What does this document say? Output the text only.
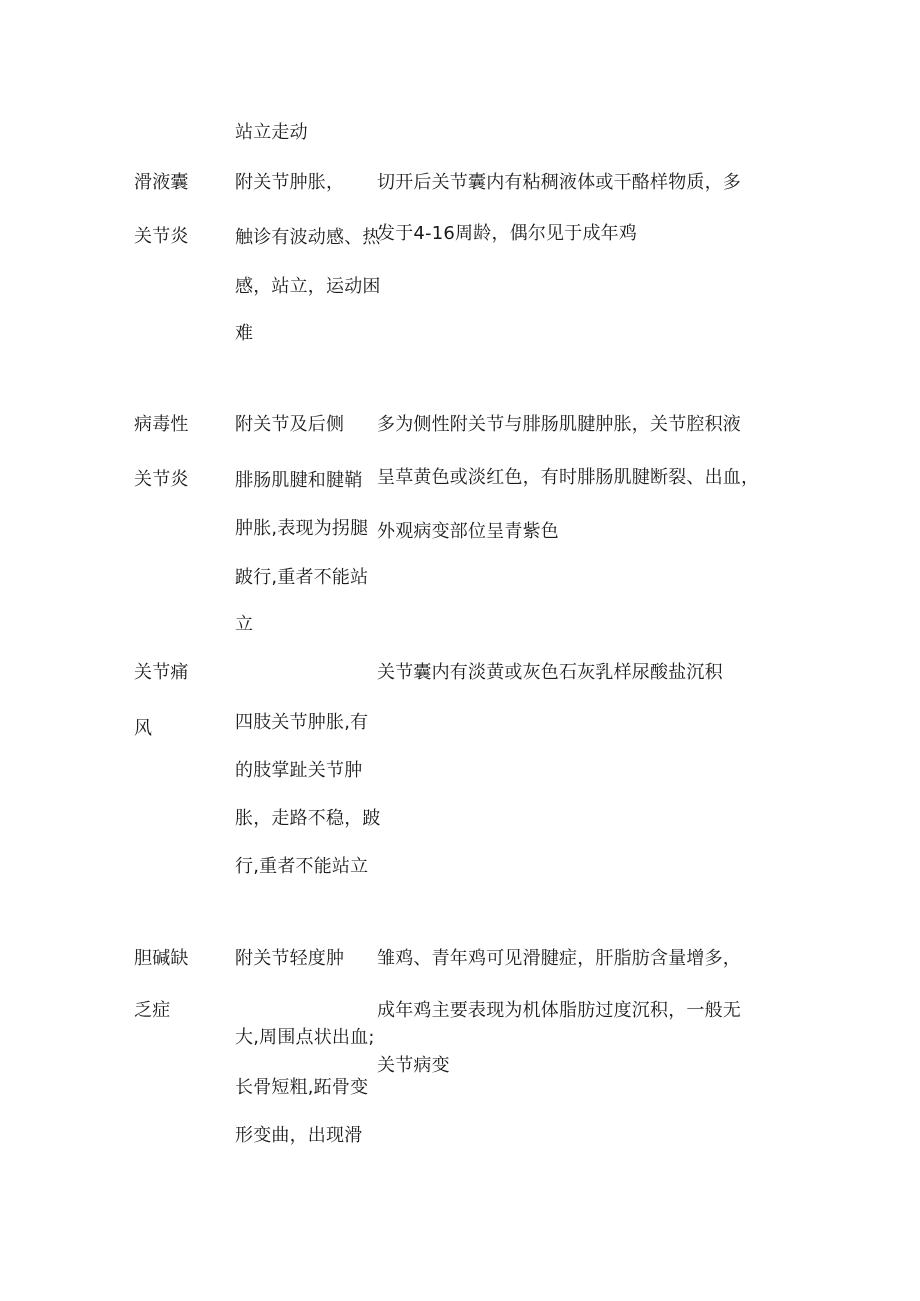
站立走动
滑液囊
关节炎
附关节肿胀，
触诊有波动感、热
感，站立，运动困
难
切开后关节囊内有粘稠液体或干酪样物质，多
发于4-16周龄，偶尔见于成年鸡
病毒性
关节炎
附关节及后侧
腓肠肌腱和腱鞘
肿胀,表现为拐腿
跛行,重者不能站
立
多为侧性附关节与腓肠肌腱肿胀，关节腔积液
呈草黄色或淡红色，有时腓肠肌腱断裂、出血，
外观病变部位呈青紫色
关节痛
风	四肢关节肿胀,有
的肢掌趾关节肿
胀，走路不稳，跛
行,重者不能站立
关节囊内有淡黄或灰色石灰乳样尿酸盐沉积
胆碱缺
乏症
附关节轻度肿
大,周围点状出血;
长骨短粗,跖骨变
形变曲，出现滑
雏鸡、青年鸡可见滑腱症，肝脂肪含量增多，
成年鸡主要表现为机体脂肪过度沉积，一般无
关节病变
